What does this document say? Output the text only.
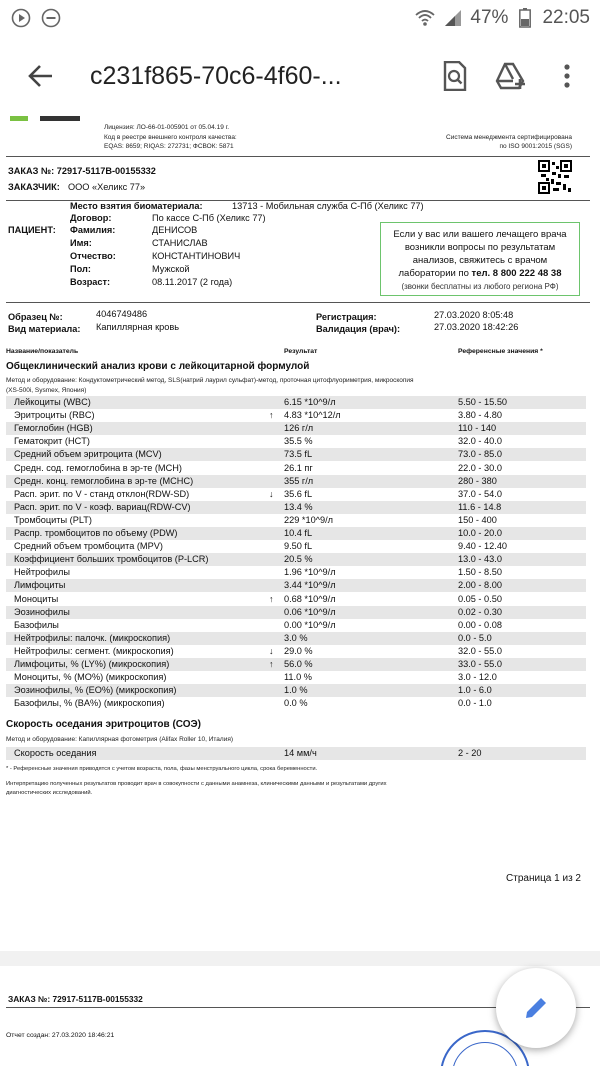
47% 22:05
c231f865-70c6-4f60-...
Лицензия: ЛО-66-01-005901 от 05.04.19 г.
Код в реестре внешнего контроля качества:
EQAS: 8659; RIQAS: 272731; ФСВОК: 5871
Система менеджмента сертифицирована
по ISO 9001:2015 (SGS)
ЗАКАЗ №: 72917-5117В-00155332
ЗАКАЗЧИК: ООО «Хеликс 77»
ПАЦИЕНТ:
Место взятия биоматериала:	13713 - Мобильная служба С-Пб (Хеликс 77)
Договор:	По кассе С-Пб (Хеликс 77)
Фамилия:	ДЕНИСОВ
Имя:	СТАНИСЛАВ
Отчество:	КОНСТАНТИНОВИЧ
Пол:	Мужской
Возраст:	08.11.2017 (2 года)
Если у вас или вашего лечащего врача
возникли вопросы по результатам
анализов, свяжитесь с врачом
лаборатории по тел. 8 800 222 48 38
(звонки бесплатны из любого региона РФ)
Образец №:	4046749486
Вид материала: Капиллярная кровь
Регистрация:	27.03.2020 8:05:48
Валидация (врач):	27.03.2020 18:42:26
Название/показатель	Результат	Референсные значения *
Общеклинический анализ крови с лейкоцитарной формулой
Метод и оборудование: Кондуктометрический метод, SLS(натрий лаурил сульфат)-метод, проточная цитофлуориметрия, микроскопия
(XS-500i, Sysmex, Япония)
Лейкоциты (WBC)	6.15 *10^9/л	5.50 - 15.50
Эритроциты (RBC)	↑ 4.83 *10^12/л	3.80 - 4.80
Гемоглобин (HGB)	126 г/л	110 - 140
Гематокрит (HCT)	35.5 %	32.0 - 40.0
Средний объем эритроцита (MCV)	73.5 fL	73.0 - 85.0
Средн. сод. гемоглобина в эр-те (MCH)	26.1 пг	22.0 - 30.0
Средн. конц. гемоглобина в эр-те (MCHC)	355 г/л	280 - 380
Расп. эрит. по V - станд отклон(RDW-SD)	↓ 35.6 fL	37.0 - 54.0
Расп. эрит. по V - коэф. вариац(RDW-CV)	13.4 %	11.6 - 14.8
Тромбоциты (PLT)	229 *10^9/л	150 - 400
Распр. тромбоцитов по объему (PDW)	10.4 fL	10.0 - 20.0
Средний объем тромбоцита (MPV)	9.50 fL	9.40 - 12.40
Коэффициент больших тромбоцитов (P-LCR)	20.5 %	13.0 - 43.0
Нейтрофилы	1.96 *10^9/л	1.50 - 8.50
Лимфоциты	3.44 *10^9/л	2.00 - 8.00
Моноциты	↑ 0.68 *10^9/л	0.05 - 0.50
Эозинофилы	0.06 *10^9/л	0.02 - 0.30
Базофилы	0.00 *10^9/л	0.00 - 0.08
Нейтрофилы: палочк. (микроскопия)	3.0 %	0.0 - 5.0
Нейтрофилы: сегмент. (микроскопия)	↓ 29.0 %	32.0 - 55.0
Лимфоциты, % (LY%) (микроскопия)	↑ 56.0 %	33.0 - 55.0
Моноциты, % (MO%) (микроскопия)	11.0 %	3.0 - 12.0
Эозинофилы, % (EO%) (микроскопия)	1.0 %	1.0 - 6.0
Базофилы, % (BA%) (микроскопия)	0.0 %	0.0 - 1.0
Скорость оседания эритроцитов (СОЭ)
Метод и оборудование: Капиллярная фотометрия (Alifax Roller 10, Италия)
Скорость оседания	14 мм/ч	2 - 20
* - Референсные значения приводятся с учетом возраста, пола, фазы менструального цикла, срока беременности.
Интерпретацию полученных результатов проводит врач в совокупности с данными анамнеза, клиническими данными и результатами других
диагностических исследований.
Страница 1 из 2
ЗАКАЗ №: 72917-5117В-00155332
Отчет создан: 27.03.2020 18:46:21
